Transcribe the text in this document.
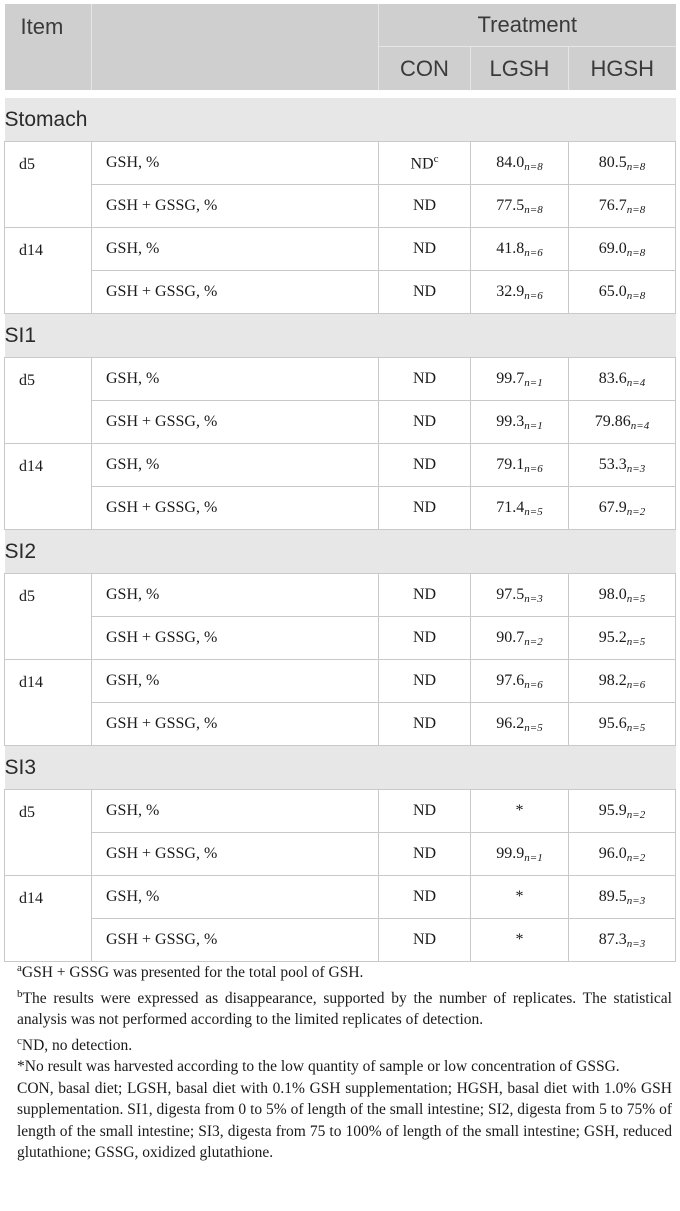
Item		Treatment		
		CON	LGSH	HGSH

Stomach				
d5	GSH, %	$ND^c$	$84.0_{n=8}$	$80.5_{n=8}$
	GSH + GSSG, %	ND	$77.5_{n=8}$	$76.7_{n=8}$
d14	GSH, %	ND	$41.8_{n=6}$	$69.0_{n=8}$
	GSH + GSSG, %	ND	$32.9_{n=6}$	$65.0_{n=8}$
SI1				
d5	GSH, %	ND	$99.7_{n=1}$	$83.6_{n=4}$
	GSH + GSSG, %	ND	$99.3_{n=1}$	$79.86_{n=4}$
d14	GSH, %	ND	$79.1_{n=6}$	$53.3_{n=3}$
	GSH + GSSG, %	ND	$71.4_{n=5}$	$67.9_{n=2}$
SI2				
d5	GSH, %	ND	$97.5_{n=3}$	$98.0_{n=5}$
	GSH + GSSG, %	ND	$90.7_{n=2}$	$95.2_{n=5}$
d14	GSH, %	ND	$97.6_{n=6}$	$98.2_{n=6}$
	GSH + GSSG, %	ND	$96.2_{n=5}$	$95.6_{n=5}$
SI3				
d5	GSH, %	ND	*	$95.9_{n=2}$
	GSH + GSSG, %	ND	$99.9_{n=1}$	$96.0_{n=2}$
d14	GSH, %	ND	*	$89.5_{n=3}$
	GSH + GSSG, %	ND	*	$87.3_{n=3}$

$^a$GSH + GSSG was presented for the total pool of GSH.

$^b$The results were expressed as disappearance, supported by the number of replicates. The statistical analysis was not performed according to the limited replicates of detection.

$^c$ND, no detection.

*No result was harvested according to the low quantity of sample or low concentration of GSSG.

CON, basal diet; LGSH, basal diet with 0.1% GSH supplementation; HGSH, basal diet with 1.0% GSH supplementation. SI1, digesta from 0 to 5% of length of the small intestine; SI2, digesta from 5 to 75% of length of the small intestine; SI3, digesta from 75 to 100% of length of the small intestine; GSH, reduced glutathione; GSSG, oxidized glutathione.
